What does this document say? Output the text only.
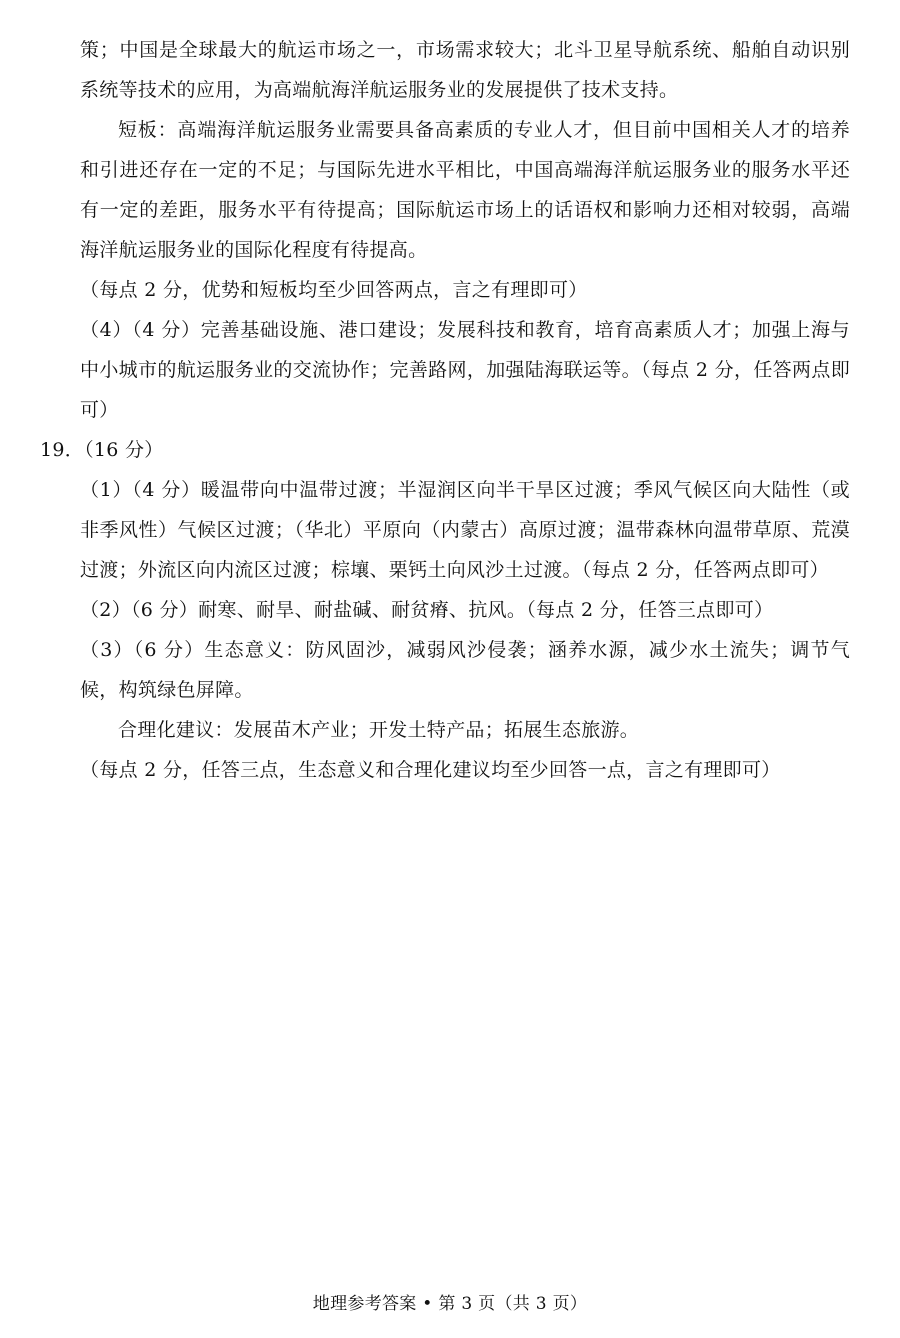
策；中国是全球最大的航运市场之一，市场需求较大；北斗卫星导航系统、船舶自动识别系统等技术的应用，为高端航海洋航运服务业的发展提供了技术支持。

短板：高端海洋航运服务业需要具备高素质的专业人才，但目前中国相关人才的培养和引进还存在一定的不足；与国际先进水平相比，中国高端海洋航运服务业的服务水平还有一定的差距，服务水平有待提高；国际航运市场上的话语权和影响力还相对较弱，高端海洋航运服务业的国际化程度有待提高。

（每点 2 分，优势和短板均至少回答两点，言之有理即可）

（4）（4 分）完善基础设施、港口建设；发展科技和教育，培育高素质人才；加强上海与中小城市的航运服务业的交流协作；完善路网，加强陆海联运等。（每点 2 分，任答两点即可）

19．（16 分）

（1）（4 分）暖温带向中温带过渡；半湿润区向半干旱区过渡；季风气候区向大陆性（或非季风性）气候区过渡；（华北）平原向（内蒙古）高原过渡；温带森林向温带草原、荒漠过渡；外流区向内流区过渡；棕壤、栗钙土向风沙土过渡。（每点 2 分，任答两点即可）

（2）（6 分）耐寒、耐旱、耐盐碱、耐贫瘠、抗风。（每点 2 分，任答三点即可）

（3）（6 分）生态意义：防风固沙，减弱风沙侵袭；涵养水源，减少水土流失；调节气候，构筑绿色屏障。

合理化建议：发展苗木产业；开发土特产品；拓展生态旅游。

（每点 2 分，任答三点，生态意义和合理化建议均至少回答一点，言之有理即可）

地理参考答案 • 第 3 页（共 3 页）
